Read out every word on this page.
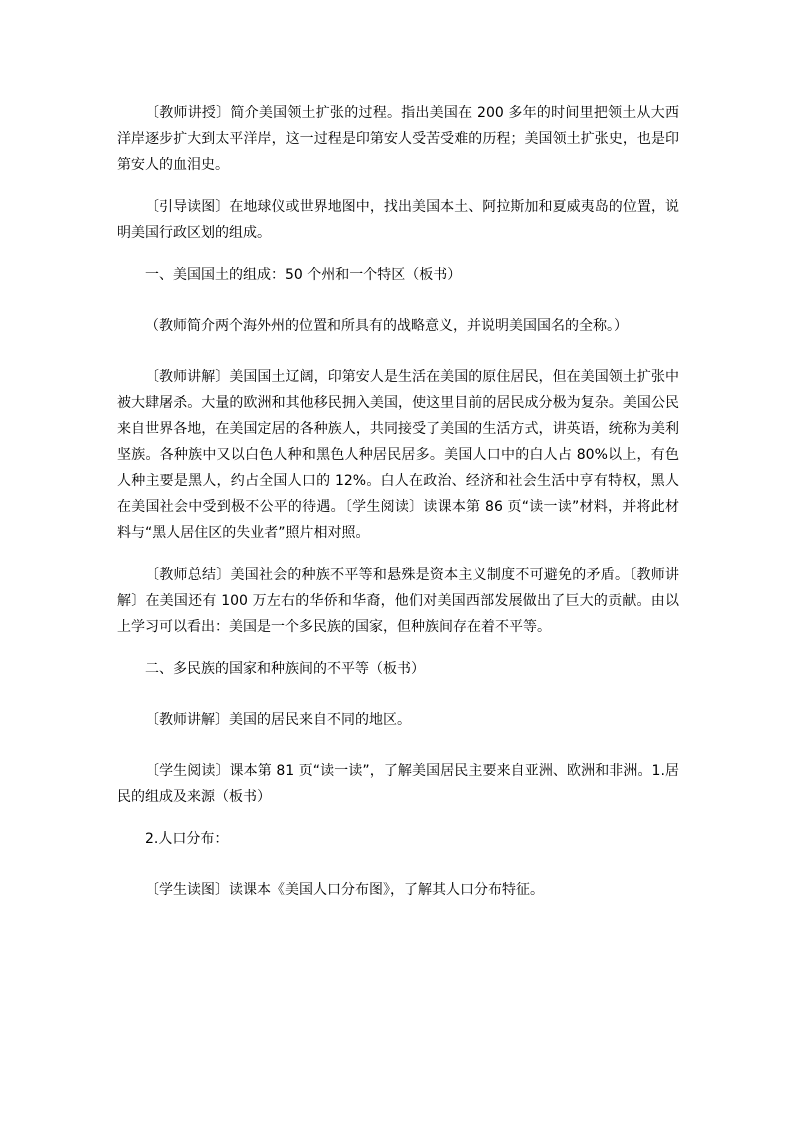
〔教师讲授〕简介美国领土扩张的过程。指出美国在 200 多年的时间里把领土从大西洋岸逐步扩大到太平洋岸，这一过程是印第安人受苦受难的历程；美国领土扩张史，也是印第安人的血泪史。

〔引导读图〕在地球仪或世界地图中，找出美国本土、阿拉斯加和夏威夷岛的位置，说明美国行政区划的组成。

一、美国国土的组成：50 个州和一个特区（板书）

（教师简介两个海外州的位置和所具有的战略意义，并说明美国国名的全称。）

〔教师讲解〕美国国土辽阔，印第安人是生活在美国的原住居民，但在美国领土扩张中被大肆屠杀。大量的欧洲和其他移民拥入美国，使这里目前的居民成分极为复杂。美国公民来自世界各地，在美国定居的各种族人，共同接受了美国的生活方式，讲英语，统称为美利坚族。各种族中又以白色人种和黑色人种居民居多。美国人口中的白人占 80%以上，有色人种主要是黑人，约占全国人口的 12%。白人在政治、经济和社会生活中亨有特权，黑人在美国社会中受到极不公平的待遇。〔学生阅读〕读课本第 86 页“读一读”材料，并将此材料与“黑人居住区的失业者”照片相对照。

〔教师总结〕美国社会的种族不平等和悬殊是资本主义制度不可避免的矛盾。〔教师讲解〕在美国还有 100 万左右的华侨和华裔，他们对美国西部发展做出了巨大的贡献。由以上学习可以看出：美国是一个多民族的国家，但种族间存在着不平等。

二、多民族的国家和种族间的不平等（板书）

〔教师讲解〕美国的居民来自不同的地区。

〔学生阅读〕课本第 81 页“读一读”，了解美国居民主要来自亚洲、欧洲和非洲。1.居民的组成及来源（板书）

2.人口分布：

〔学生读图〕读课本《美国人口分布图》，了解其人口分布特征。
